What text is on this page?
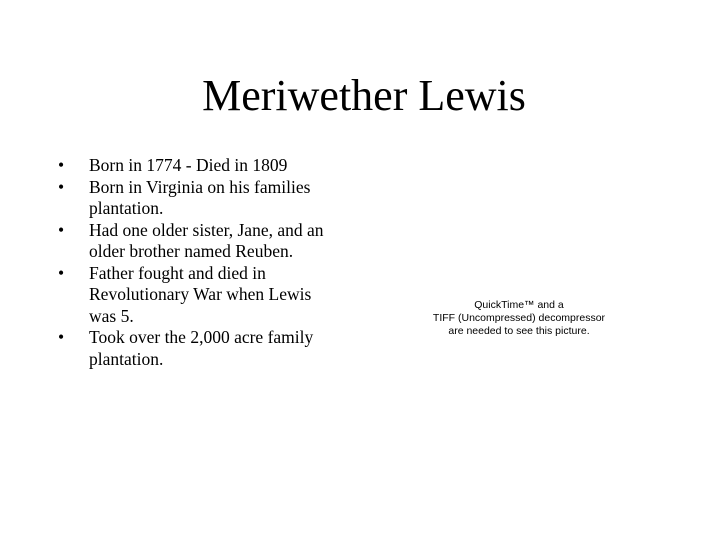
Meriwether Lewis
• Born in 1774 - Died in 1809
• Born in Virginia on his families
plantation.
• Had one older sister, Jane, and an
older brother named Reuben.
• Father fought and died in
Revolutionary War when Lewis
was 5.
• Took over the 2,000 acre family
plantation.
QuickTime™ and a
TIFF (Uncompressed) decompressor
are needed to see this picture.
